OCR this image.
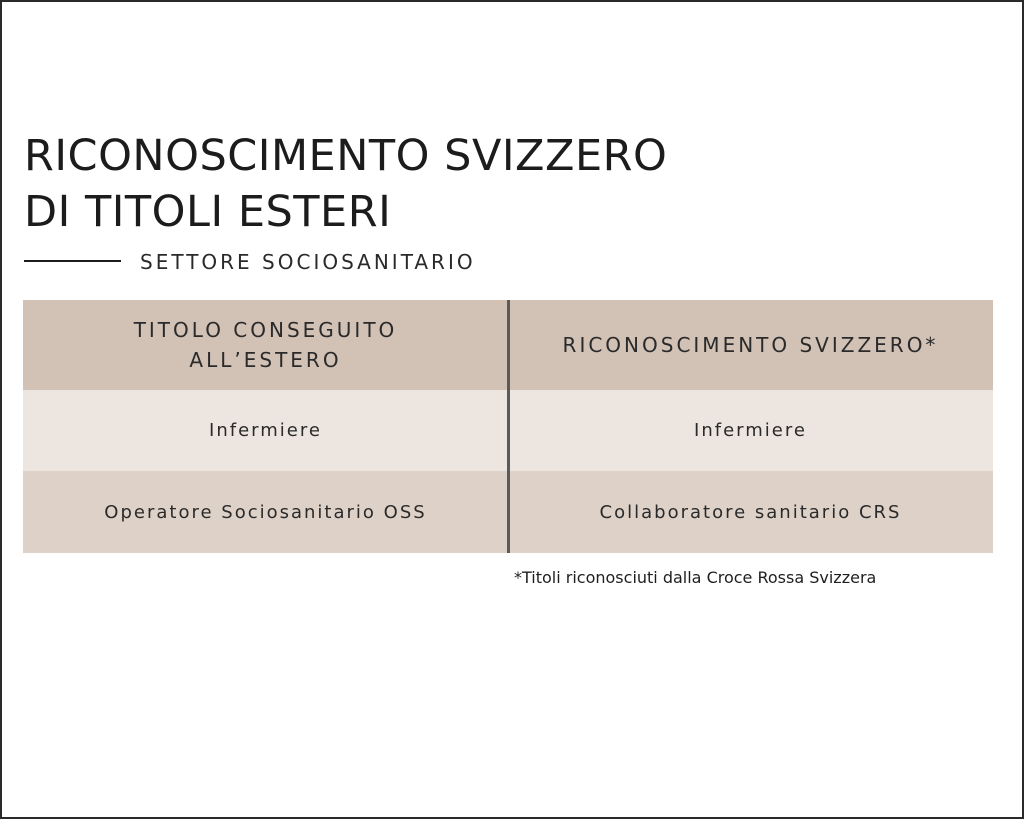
RICONOSCIMENTO SVIZZERO
DI TITOLI ESTERI
SETTORE SOCIOSANITARIO
TITOLO CONSEGUITO ALL’ESTERO
RICONOSCIMENTO SVIZZERO*
Infermiere	Infermiere
Operatore Sociosanitario OSS	Collaboratore sanitario CRS
*Titoli riconosciuti dalla Croce Rossa Svizzera
